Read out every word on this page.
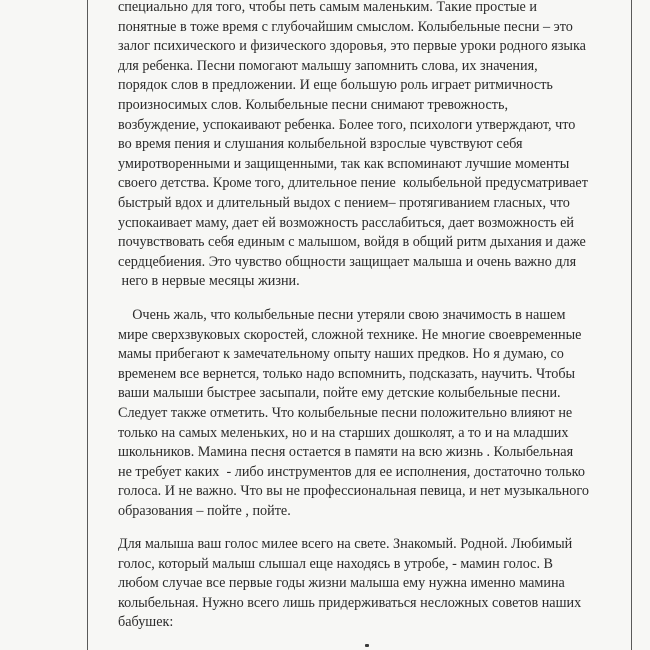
специально для того, чтобы петь самым маленьким. Такие простые и
понятные в тоже время с глубочайшим смыслом. Колыбельные песни – это
залог психического и физического здоровья, это первые уроки родного языка
для ребенка. Песни помогают малышу запомнить слова, их значения,
порядок слов в предложении. И еще большую роль играет ритмичность
произносимых слов. Колыбельные песни снимают тревожность,
возбуждение, успокаивают ребенка. Более того, психологи утверждают, что
во время пения и слушания колыбельной взрослые чувствуют себя
умиротворенными и защищенными, так как вспоминают лучшие моменты
своего детства. Кроме того, длительное пение  колыбельной предусматривает
быстрый вдох и длительный выдох с пением– протягиванием гласных, что
успокаивает маму, дает ей возможность расслабиться, дает возможность ей
почувствовать себя единым с малышом, войдя в общий ритм дыхания и даже
сердцебиения. Это чувство общности защищает малыша и очень важно для
него в нервые месяцы жизни.
Очень жаль, что колыбельные песни утеряли свою значимость в нашем
мире сверхзвуковых скоростей, сложной технике. Не многие своевременные
мамы прибегают к замечательному опыту наших предков. Но я думаю, со
временем все вернется, только надо вспомнить, подсказать, научить. Чтобы
ваши малыши быстрее засыпали, пойте ему детские колыбельные песни.
Следует также отметить. Что колыбельные песни положительно влияют не
только на самых меленьких, но и на старших дошколят, а то и на младших
школьников. Мамина песня остается в памяти на всю жизнь . Колыбельная
не требует каких  - либо инструментов для ее исполнения, достаточно только
голоса. И не важно. Что вы не профессиональная певица, и нет музыкального
образования – пойте , пойте.
Для малыша ваш голос милее всего на свете. Знакомый. Родной. Любимый
голос, который малыш слышал еще находясь в утробе, - мамин голос. В
любом случае все первые годы жизни малыша ему нужна именно мамина
колыбельная. Нужно всего лишь придерживаться несложных советов наших
бабушек:
